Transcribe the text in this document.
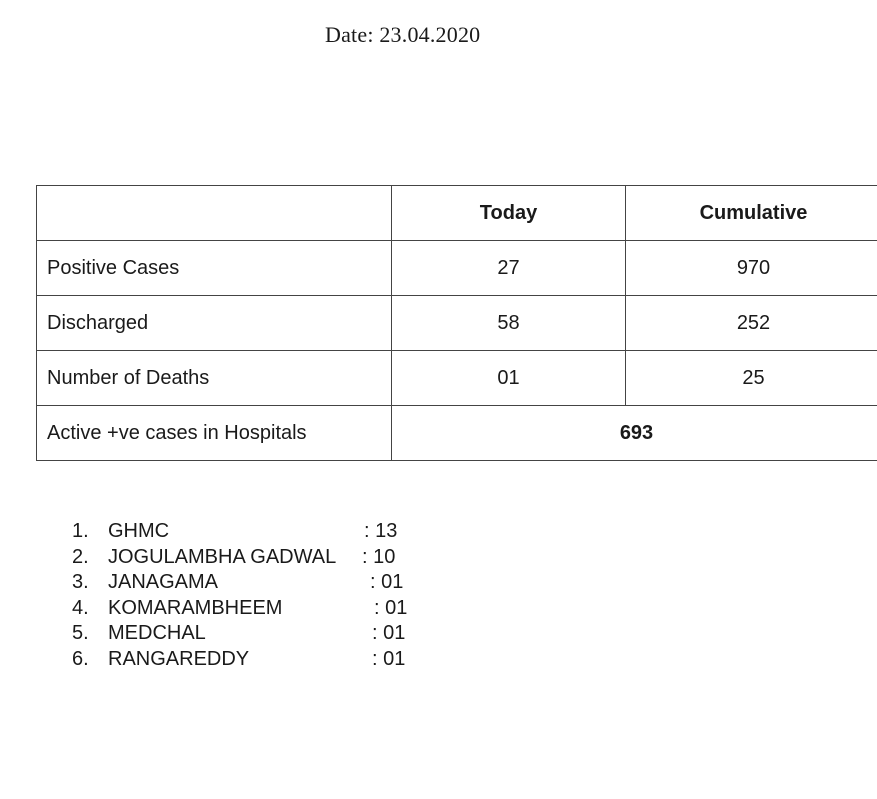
Date: 23.04.2020
	Today	Cumulative
Positive Cases	27	970
Discharged	58	252
Number of Deaths	01	25
Active +ve cases in Hospitals	693	
1. GHMC	: 13
2. JOGULAMBHA GADWAL : 10
3. JANAGAMA	: 01
4. KOMARAMBHEEM	: 01
5. MEDCHAL	: 01
6. RANGAREDDY	: 01
